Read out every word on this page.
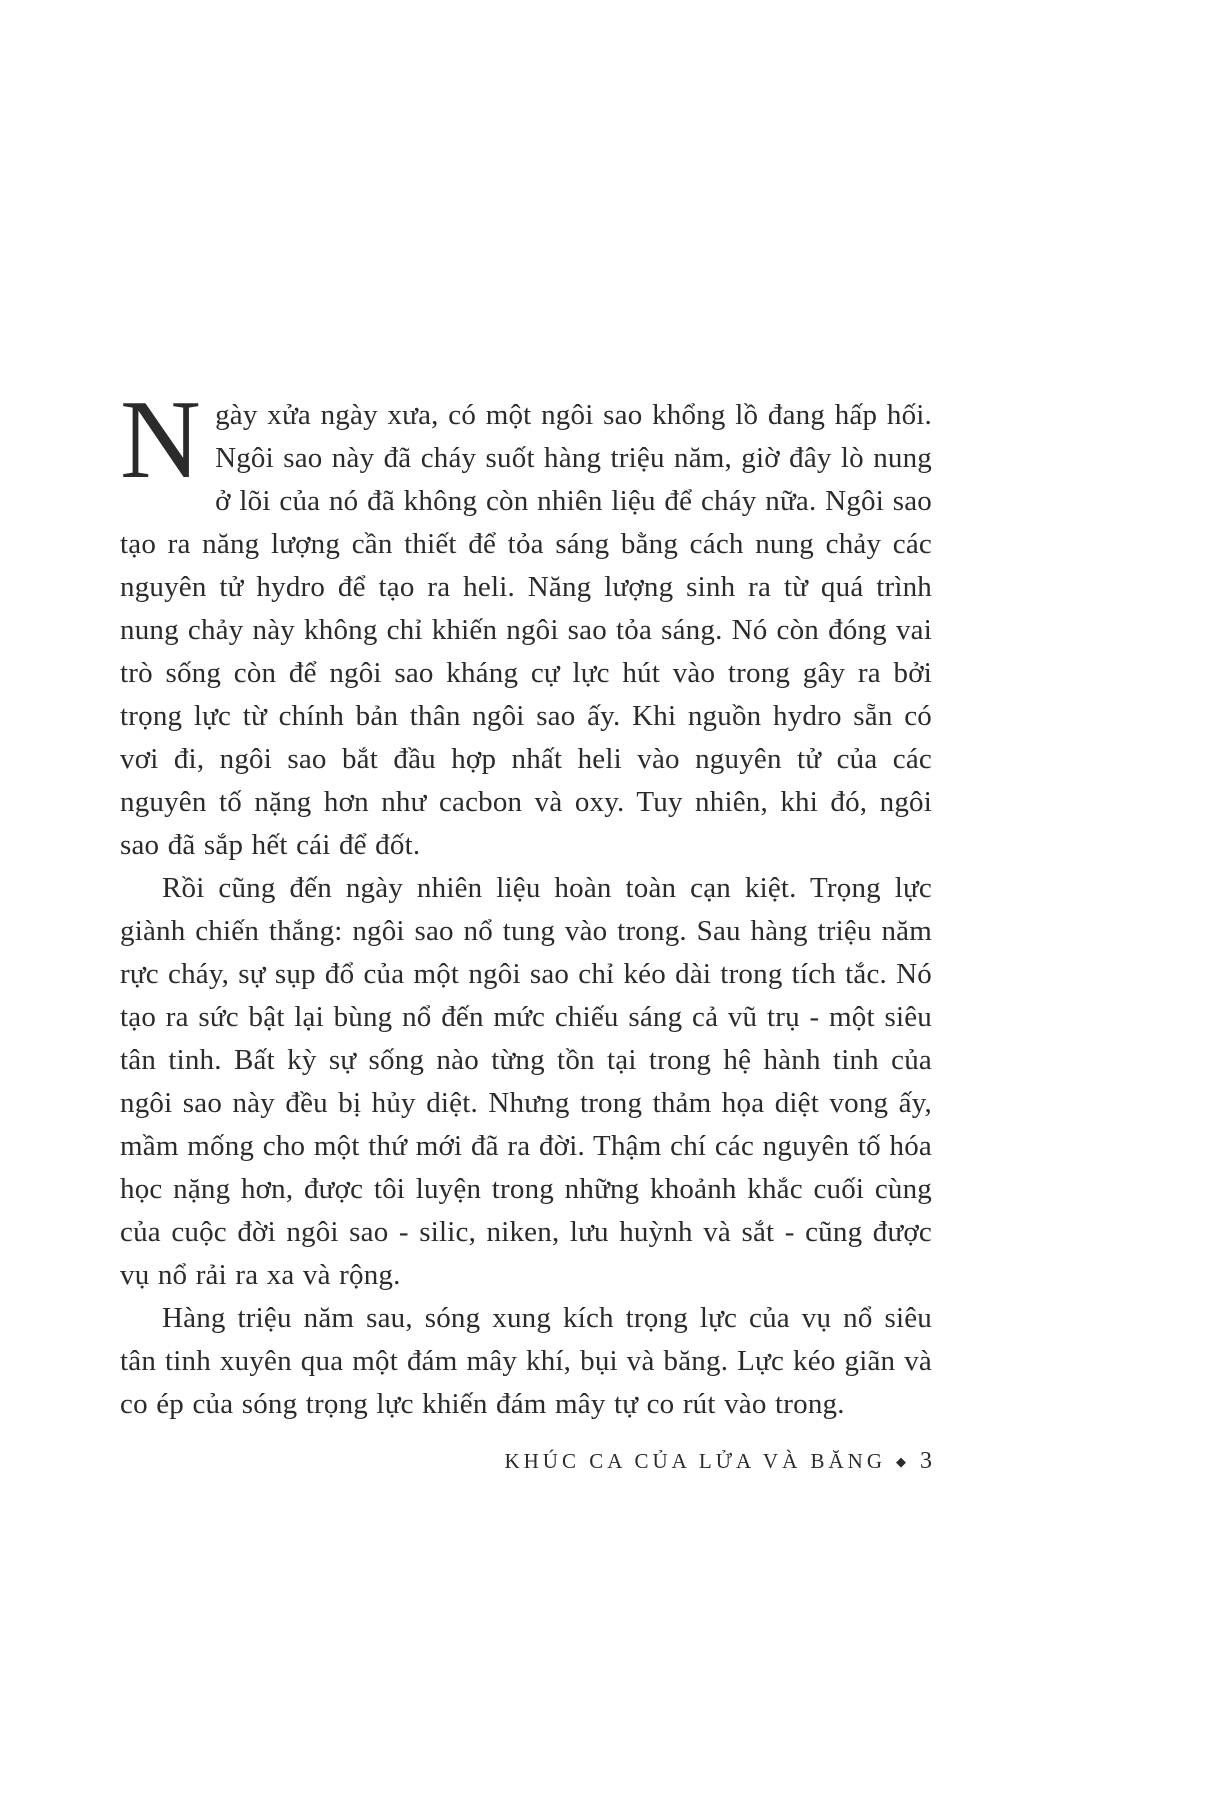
Ngày xửa ngày xưa, có một ngôi sao khổng lồ đang hấp hối. Ngôi sao này đã cháy suốt hàng triệu năm, giờ đây lò nung ở lõi của nó đã không còn nhiên liệu để cháy nữa. Ngôi sao tạo ra năng lượng cần thiết để tỏa sáng bằng cách nung chảy các nguyên tử hydro để tạo ra heli. Năng lượng sinh ra từ quá trình nung chảy này không chỉ khiến ngôi sao tỏa sáng. Nó còn đóng vai trò sống còn để ngôi sao kháng cự lực hút vào trong gây ra bởi trọng lực từ chính bản thân ngôi sao ấy. Khi nguồn hydro sẵn có vơi đi, ngôi sao bắt đầu hợp nhất heli vào nguyên tử của các nguyên tố nặng hơn như cacbon và oxy. Tuy nhiên, khi đó, ngôi sao đã sắp hết cái để đốt.

Rồi cũng đến ngày nhiên liệu hoàn toàn cạn kiệt. Trọng lực giành chiến thắng: ngôi sao nổ tung vào trong. Sau hàng triệu năm rực cháy, sự sụp đổ của một ngôi sao chỉ kéo dài trong tích tắc. Nó tạo ra sức bật lại bùng nổ đến mức chiếu sáng cả vũ trụ - một siêu tân tinh. Bất kỳ sự sống nào từng tồn tại trong hệ hành tinh của ngôi sao này đều bị hủy diệt. Nhưng trong thảm họa diệt vong ấy, mầm mống cho một thứ mới đã ra đời. Thậm chí các nguyên tố hóa học nặng hơn, được tôi luyện trong những khoảnh khắc cuối cùng của cuộc đời ngôi sao - silic, niken, lưu huỳnh và sắt - cũng được vụ nổ rải ra xa và rộng.

Hàng triệu năm sau, sóng xung kích trọng lực của vụ nổ siêu tân tinh xuyên qua một đám mây khí, bụi và băng. Lực kéo giãn và co ép của sóng trọng lực khiến đám mây tự co rút vào trong.

KHÚC CA CỦA LỬA VÀ BĂNG ◆ 3
